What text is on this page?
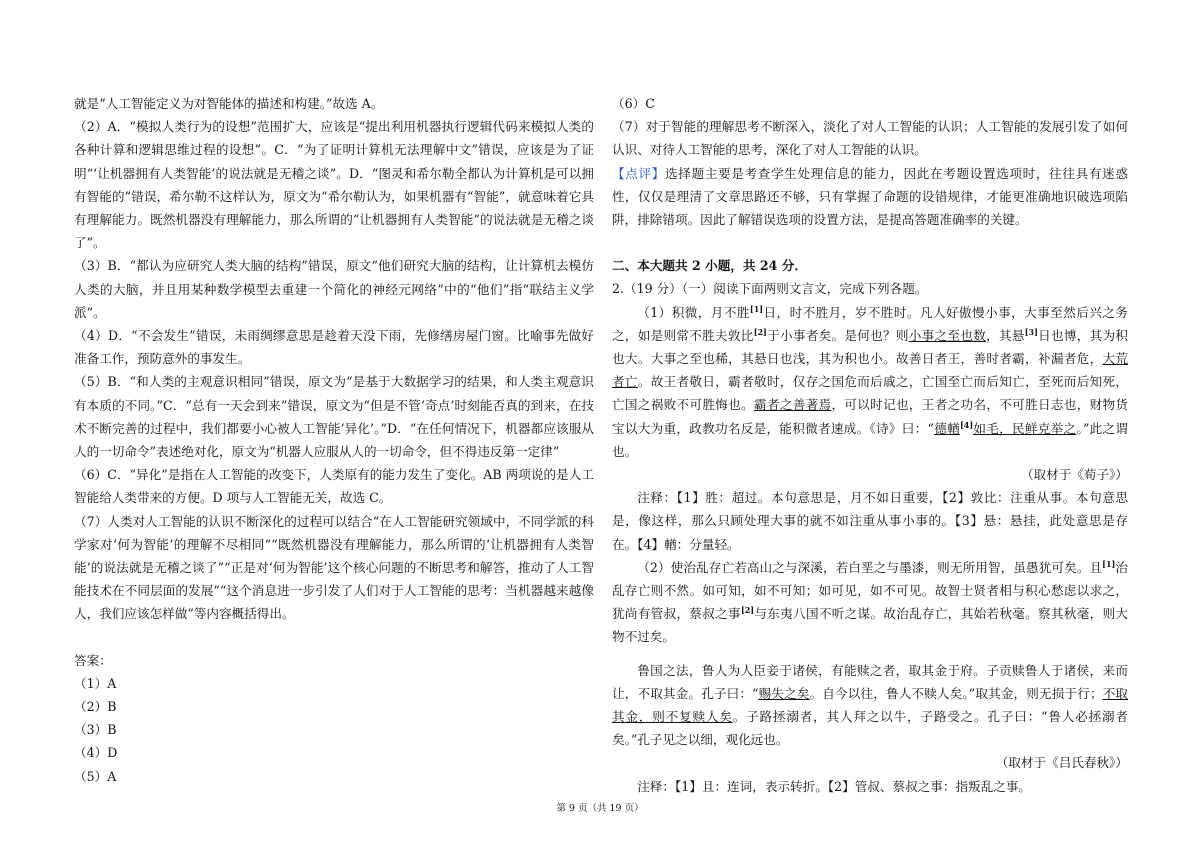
就是“人工智能定义为对智能体的描述和构建。”故选 A。

（2）A．“模拟人类行为的设想”范围扩大，应该是“提出利用机器执行逻辑代码来模拟人类的各种计算和逻辑思维过程的设想”。C．“为了证明计算机无法理解中文”错误，应该是为了证明“‘让机器拥有人类智能’的说法就是无稽之谈”。D．“图灵和希尔勒全都认为计算机是可以拥有智能的”错误，希尔勒不这样认为，原文为“希尔勒认为，如果机器有“智能”，就意味着它具有理解能力。既然机器没有理解能力，那么所谓的“让机器拥有人类智能”的说法就是无稽之谈了”。

（3）B．“都认为应研究人类大脑的结构”错误，原文“他们研究大脑的结构，让计算机去模仿人类的大脑，并且用某种数学模型去重建一个简化的神经元网络”中的“他们”指“联结主义学派”。

（4）D．“不会发生”错误，未雨绸缪意思是趁着天没下雨，先修缮房屋门窗。比喻事先做好准备工作，预防意外的事发生。

（5）B．“和人类的主观意识相同”错误，原文为“是基于大数据学习的结果，和人类主观意识有本质的不同。”C．“总有一天会到来”错误，原文为“但是不管‘奇点’时刻能否真的到来，在技术不断完善的过程中，我们都要小心被人工智能‘异化’。”D．“在任何情况下，机器都应该服从人的一切命令”表述绝对化，原文为“机器人应服从人的一切命令，但不得违反第一定律”

（6）C．“异化”是指在人工智能的改变下，人类原有的能力发生了变化。AB 两项说的是人工智能给人类带来的方便。D 项与人工智能无关，故选 C。

（7）人类对人工智能的认识不断深化的过程可以结合“在人工智能研究领域中，不同学派的科学家对‘何为智能’的理解不尽相同”“既然机器没有理解能力，那么所谓的‘让机器拥有人类智能’的说法就是无稽之谈了”“正是对‘何为智能’这个核心问题的不断思考和解答，推动了人工智能技术在不同层面的发展”“这个消息进一步引发了人们对于人工智能的思考：当机器越来越像人，我们应该怎样做”等内容概括得出。

答案：

（1）A

（2）B

（3）B

（4）D

（5）A

（6）C

（7）对于智能的理解思考不断深入，淡化了对人工智能的认识；人工智能的发展引发了如何认识、对待人工智能的思考，深化了对人工智能的认识。

【点评】选择题主要是考查学生处理信息的能力，因此在考题设置选项时，往往具有迷惑性，仅仅是理清了文章思路还不够，只有掌握了命题的设错规律，才能更准确地识破选项陷阱，排除错项。因此了解错误选项的设置方法，是提高答题准确率的关键。

二、本大题共 2 小题，共 24 分．

2.（19 分）（一）阅读下面两则文言文，完成下列各题。

（1）积微，月不胜[1]日，时不胜月，岁不胜时。凡人好傲慢小事，大事至然后兴之务之，如是则常不胜夫敦比[2]于小事者矣。是何也？则小事之至也数，其悬[3]日也博，其为积也大。大事之至也稀，其悬日也浅，其为积也小。故善日者王，善时者霸，补漏者危，大荒者亡。故王者敬日，霸者敬时，仅存之国危而后戚之，亡国至亡而后知亡，至死而后知死，亡国之祸败不可胜悔也。霸者之善著焉，可以时记也，王者之功名，不可胜日志也，财物货宝以大为重，政教功名反是，能积微者速成。《诗》曰：“德輶[4]如毛，民鲜克举之。”此之谓也。

（取材于《荀子》）

注释：【1】胜：超过。本句意思是，月不如日重要，【2】敦比：注重从事。本句意思是，像这样，那么只顾处理大事的就不如注重从事小事的。【3】悬：悬挂，此处意思是存在。【4】輶：分量轻。

（2）使治乱存亡若高山之与深溪，若白垩之与墨漆，则无所用智，虽愚犹可矣。且[1]治乱存亡则不然。如可知，如不可知；如可见，如不可见。故智士贤者相与积心愁虑以求之，犹尚有管叔，蔡叔之事[2]与东夷八国不听之谋。故治乱存亡，其始若秋毫。察其秋毫，则大物不过矣。

鲁国之法，鲁人为人臣妾于诸侯，有能赎之者，取其金于府。子贡赎鲁人于诸侯，来而让，不取其金。孔子曰：“赐失之矣。自今以往，鲁人不赎人矣。”取其金，则无损于行；不取其金，则不复赎人矣。子路拯溺者，其人拜之以牛，子路受之。孔子曰：“鲁人必拯溺者矣。”孔子见之以细，观化远也。

（取材于《吕氏春秋》）

注释：【1】且：连词，表示转折。【2】管叔、蔡叔之事：指叛乱之事。

第 9 页（共 19 页）
